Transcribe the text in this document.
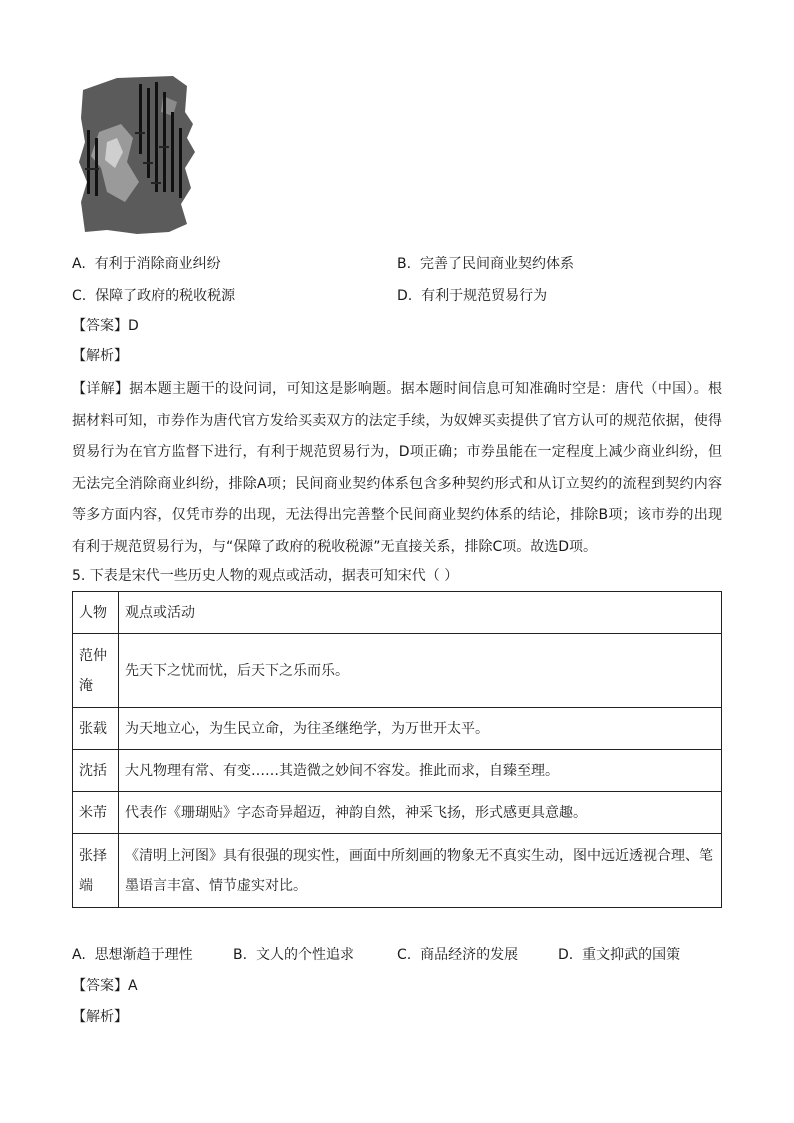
A. 有利于消除商业纠纷	B. 完善了民间商业契约体系
C. 保障了政府的税收税源	D. 有利于规范贸易行为
【答案】D
【解析】
【详解】据本题主题干的设问词，可知这是影响题。据本题时间信息可知准确时空是：唐代（中国）。根据材料可知，市券作为唐代官方发给买卖双方的法定手续，为奴婢买卖提供了官方认可的规范依据，使得贸易行为在官方监督下进行，有利于规范贸易行为，D项正确；市券虽能在一定程度上减少商业纠纷，但无法完全消除商业纠纷，排除A项；民间商业契约体系包含多种契约形式和从订立契约的流程到契约内容等多方面内容，仅凭市券的出现，无法得出完善整个民间商业契约体系的结论，排除B项；该市券的出现有利于规范贸易行为，与“保障了政府的税收税源”无直接关系，排除C项。故选D项。
5. 下表是宋代一些历史人物的观点或活动，据表可知宋代（ ）
人物	观点或活动
范仲淹	先天下之忧而忧，后天下之乐而乐。
张载	为天地立心，为生民立命，为往圣继绝学，为万世开太平。
沈括	大凡物理有常、有变……其造微之妙间不容发。推此而求，自臻至理。
米芾	代表作《珊瑚贴》字态奇异超迈，神韵自然，神采飞扬，形式感更具意趣。
张择端	《清明上河图》具有很强的现实性，画面中所刻画的物象无不真实生动，图中远近透视合理、笔墨语言丰富、情节虚实对比。
A. 思想渐趋于理性	B. 文人的个性追求	C. 商品经济的发展	D. 重文抑武的国策
【答案】A
【解析】
